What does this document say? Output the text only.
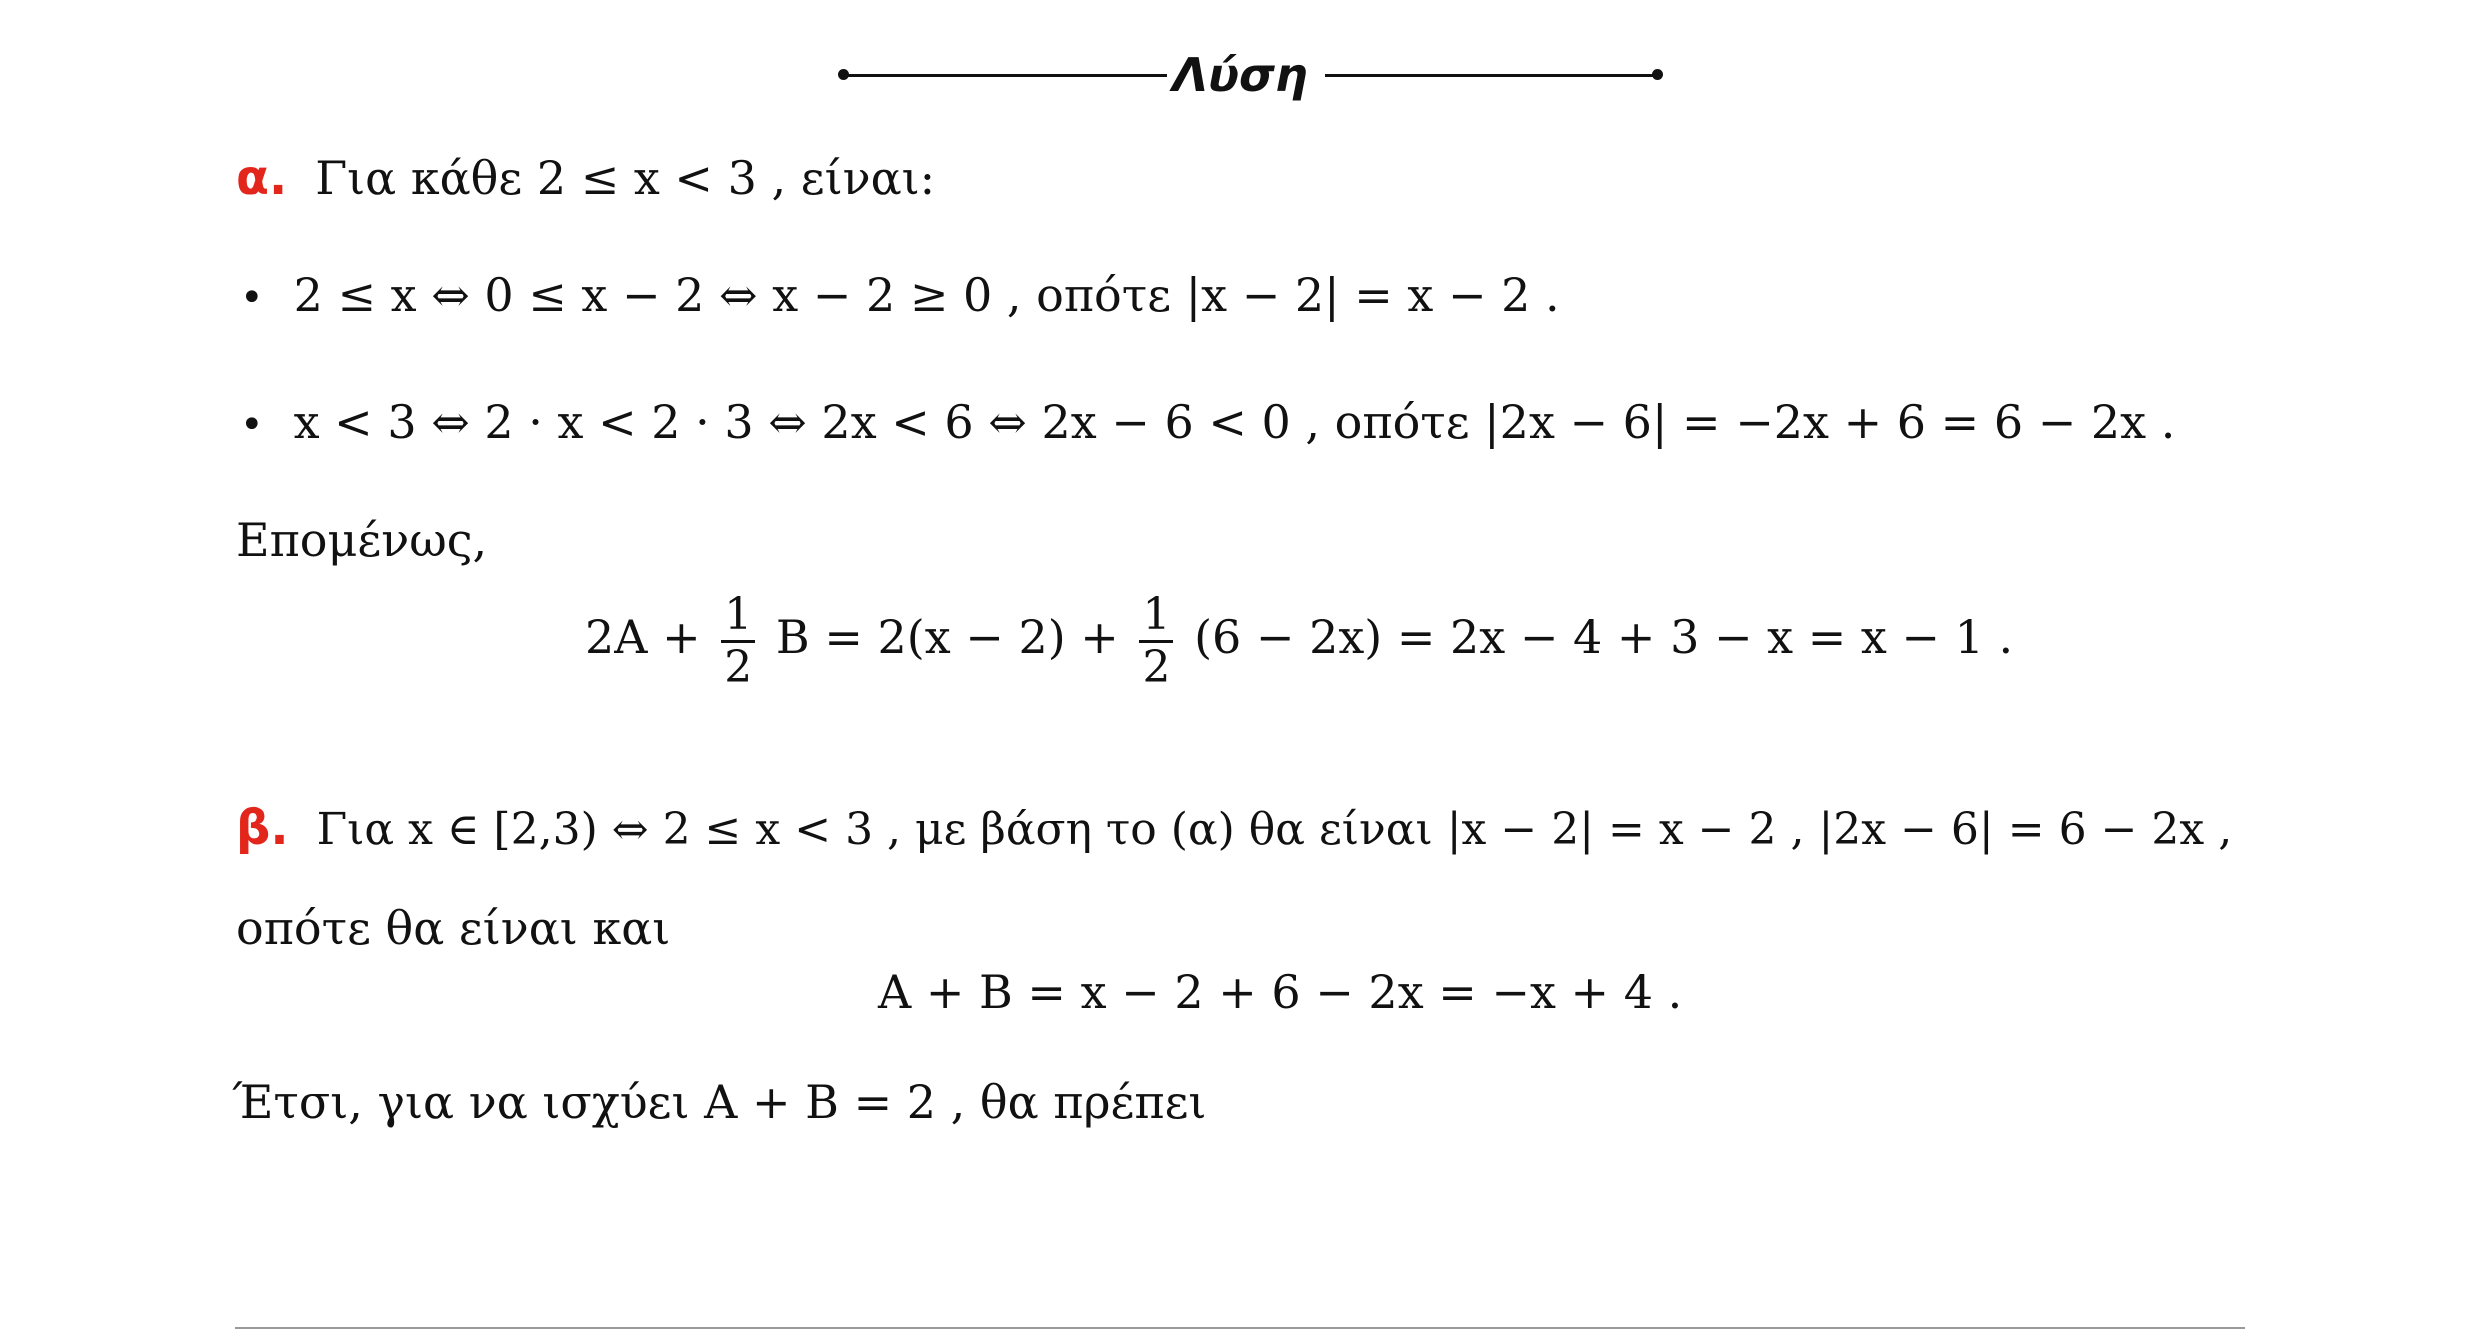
Λύση
α. Για κάθε 2 ≤ x < 3 , είναι:
• 2 ≤ x ⇔ 0 ≤ x − 2 ⇔ x − 2 ≥ 0 , οπότε |x − 2| = x − 2 .
• x < 3 ⇔ 2 · x < 2 · 3 ⇔ 2x < 6 ⇔ 2x − 6 < 0 , οπότε |2x − 6| = −2x + 6 = 6 − 2x .
Επομένως,
$2A + \frac{1}{2}$ $B = 2(x - 2) + \frac{1}{2} (6 - 2x) = 2x - 4 + 3 - x = x - 1$ .
β. Για x ∈ [2,3) ⇔ 2 ≤ x < 3 , με βάση το (α) θα είναι |x − 2| = x − 2 , |2x − 6| = 6 − 2x ,
οπότε θα είναι και
A + B = x − 2 + 6 − 2x = −x + 4 .
Έτσι, για να ισχύει A + B = 2 , θα πρέπει
